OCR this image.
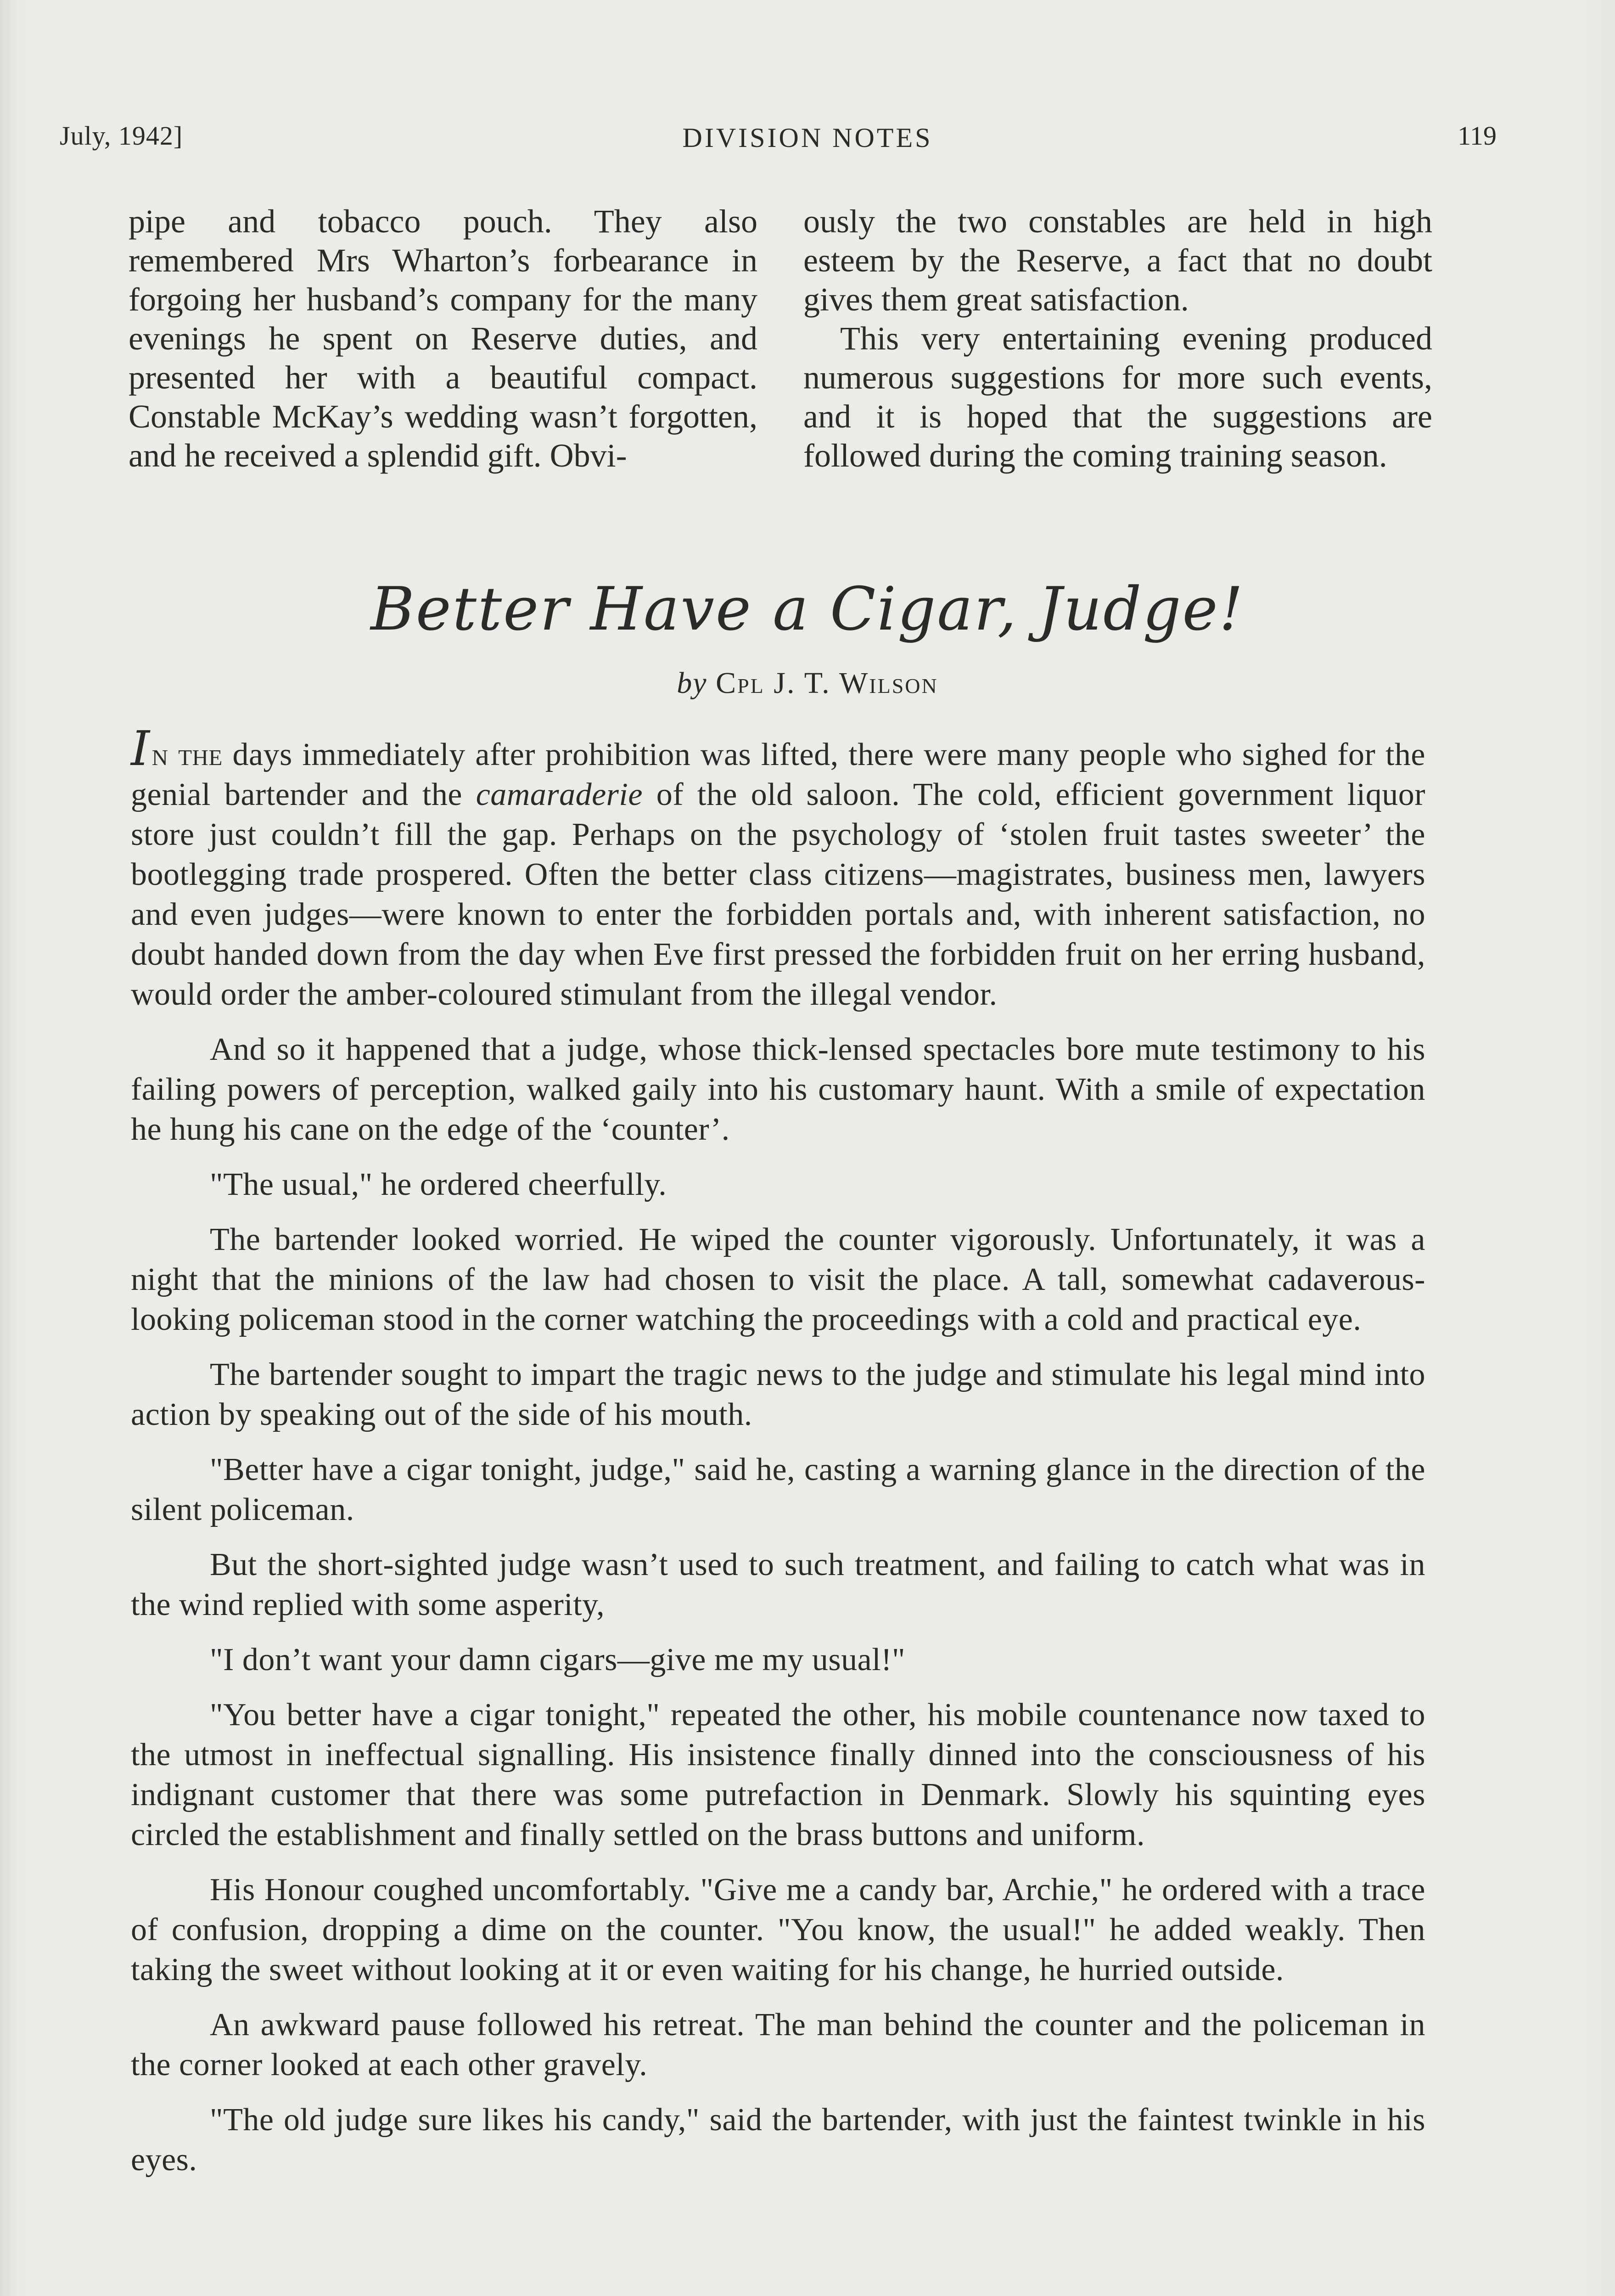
July, 1942]	DIVISION NOTES	119

pipe and tobacco pouch. They also remembered Mrs Wharton’s forbearance in forgoing her husband’s company for the many evenings he spent on Reserve duties, and presented her with a beautiful compact. Constable McKay’s wedding wasn’t forgotten, and he received a splendid gift. Obvi-

ously the two constables are held in high esteem by the Reserve, a fact that no doubt gives them great satisfaction.

This very entertaining evening produced numerous suggestions for more such events, and it is hoped that the suggestions are followed during the coming training season.

Better Have a Cigar, Judge!
by Cpl J. T. Wilson

In the days immediately after prohibition was lifted, there were many people who sighed for the genial bartender and the camaraderie of the old saloon. The cold, efficient government liquor store just couldn’t fill the gap. Perhaps on the psychology of ‘stolen fruit tastes sweeter’ the bootlegging trade prospered. Often the better class citizens—magistrates, business men, lawyers and even judges—were known to enter the forbidden portals and, with inherent satisfaction, no doubt handed down from the day when Eve first pressed the forbidden fruit on her erring husband, would order the amber-coloured stimulant from the illegal vendor.

And so it happened that a judge, whose thick-lensed spectacles bore mute testimony to his failing powers of perception, walked gaily into his customary haunt. With a smile of expectation he hung his cane on the edge of the ‘counter’.

"The usual," he ordered cheerfully.

The bartender looked worried. He wiped the counter vigorously. Unfortunately, it was a night that the minions of the law had chosen to visit the place. A tall, somewhat cadaverous-looking policeman stood in the corner watching the proceedings with a cold and practical eye.

The bartender sought to impart the tragic news to the judge and stimulate his legal mind into action by speaking out of the side of his mouth.

"Better have a cigar tonight, judge," said he, casting a warning glance in the direction of the silent policeman.

But the short-sighted judge wasn’t used to such treatment, and failing to catch what was in the wind replied with some asperity,

"I don’t want your damn cigars—give me my usual!"

"You better have a cigar tonight," repeated the other, his mobile countenance now taxed to the utmost in ineffectual signalling. His insistence finally dinned into the consciousness of his indignant customer that there was some putrefaction in Denmark. Slowly his squinting eyes circled the establishment and finally settled on the brass buttons and uniform.

His Honour coughed uncomfortably. "Give me a candy bar, Archie," he ordered with a trace of confusion, dropping a dime on the counter. "You know, the usual!" he added weakly. Then taking the sweet without looking at it or even waiting for his change, he hurried outside.

An awkward pause followed his retreat. The man behind the counter and the policeman in the corner looked at each other gravely.

"The old judge sure likes his candy," said the bartender, with just the faintest twinkle in his eyes.
